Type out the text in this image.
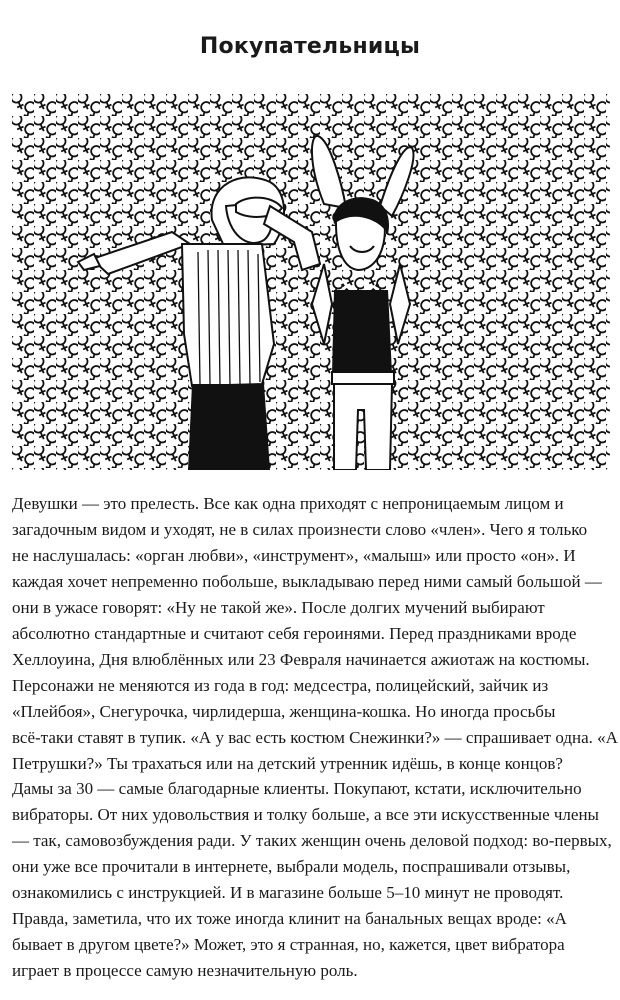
Покупательницы
Девушки — это прелесть. Все как одна приходят с непроницаемым лицом и
загадочным видом и уходят, не в силах произнести слово «член». Чего я только
не наслушалась: «орган любви», «инструмент», «малыш» или просто «он». И
каждая хочет непременно побольше, выкладываю перед ними самый большой —
они в ужасе говорят: «Ну не такой же». После долгих мучений выбирают
абсолютно стандартные и считают себя героинями. Перед праздниками вроде
Хеллоуина, Дня влюблённых или 23 Февраля начинается ажиотаж на костюмы.
Персонажи не меняются из года в год: медсестра, полицейский, зайчик из
«Плейбоя», Снегурочка, чирлидерша, женщина-кошка. Но иногда просьбы
всё-таки ставят в тупик. «А у вас есть костюм Снежинки?» — спрашивает одна. «А
Петрушки?» Ты трахаться или на детский утренник идёшь, в конце концов?
Дамы за 30 — самые благодарные клиенты. Покупают, кстати, исключительно
вибраторы. От них удовольствия и толку больше, а все эти искусственные члены
— так, самовозбуждения ради. У таких женщин очень деловой подход: во-первых,
они уже все прочитали в интернете, выбрали модель, поспрашивали отзывы,
ознакомились с инструкцией. И в магазине больше 5–10 минут не проводят.
Правда, заметила, что их тоже иногда клинит на банальных вещах вроде: «А
бывает в другом цвете?» Может, это я странная, но, кажется, цвет вибратора
играет в процессе самую незначительную роль.
